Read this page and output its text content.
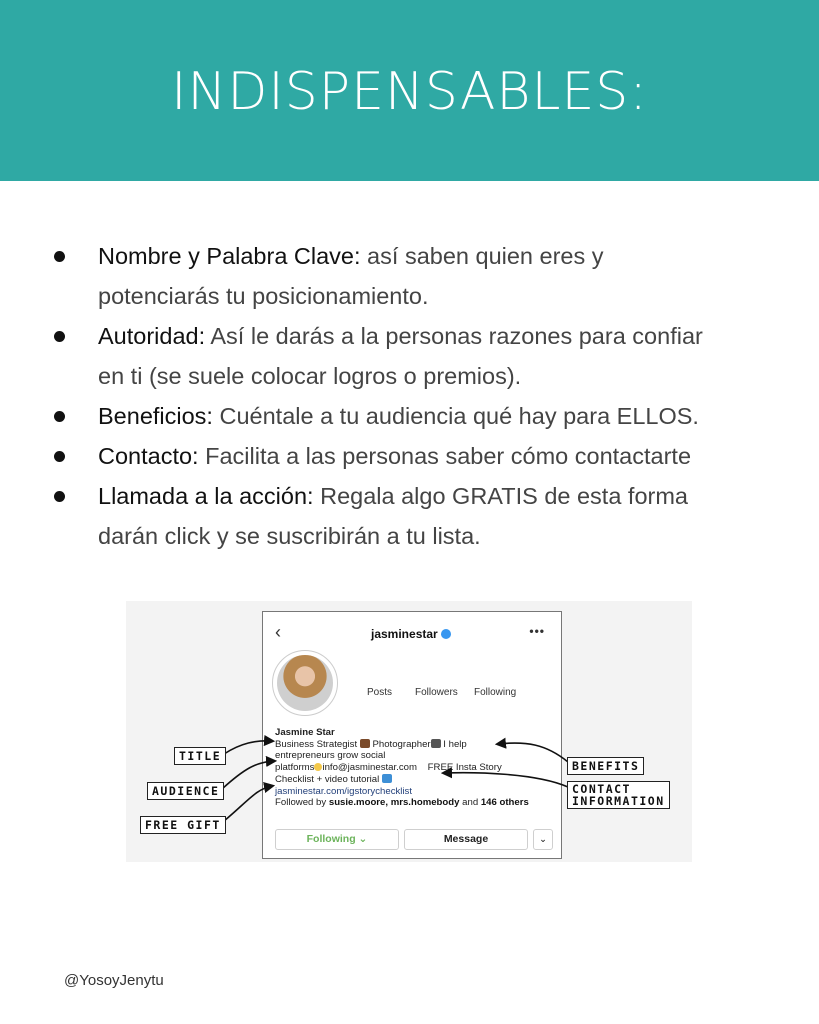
INDISPENSABLES:
Nombre y Palabra Clave: así saben quien eres y
potenciarás tu posicionamiento.
Autoridad: Así le darás a la personas razones para confiar
en ti (se suele colocar logros o premios).
Beneficios: Cuéntale a tu audiencia qué hay para ELLOS.
Contacto: Facilita a las personas saber cómo contactarte
Llamada a la acción: Regala algo GRATIS de esta forma
darán click y se suscribirán a tu lista.
‹	jasminestar	•••
Posts Followers Following
Jasmine Star
Business Strategist Photographer I help
entrepreneurs grow social
platforms info@jasminestar.com FREE Insta Story
Checklist + video tutorial
jasminestar.com/igstorychecklist
Followed by susie.moore, mrs.homebody and 146 others
Following ⌄	Message	⌄
TITLE
AUDIENCE
FREE GIFT
BENEFITS
CONTACT
INFORMATION
@YosoyJenytu
